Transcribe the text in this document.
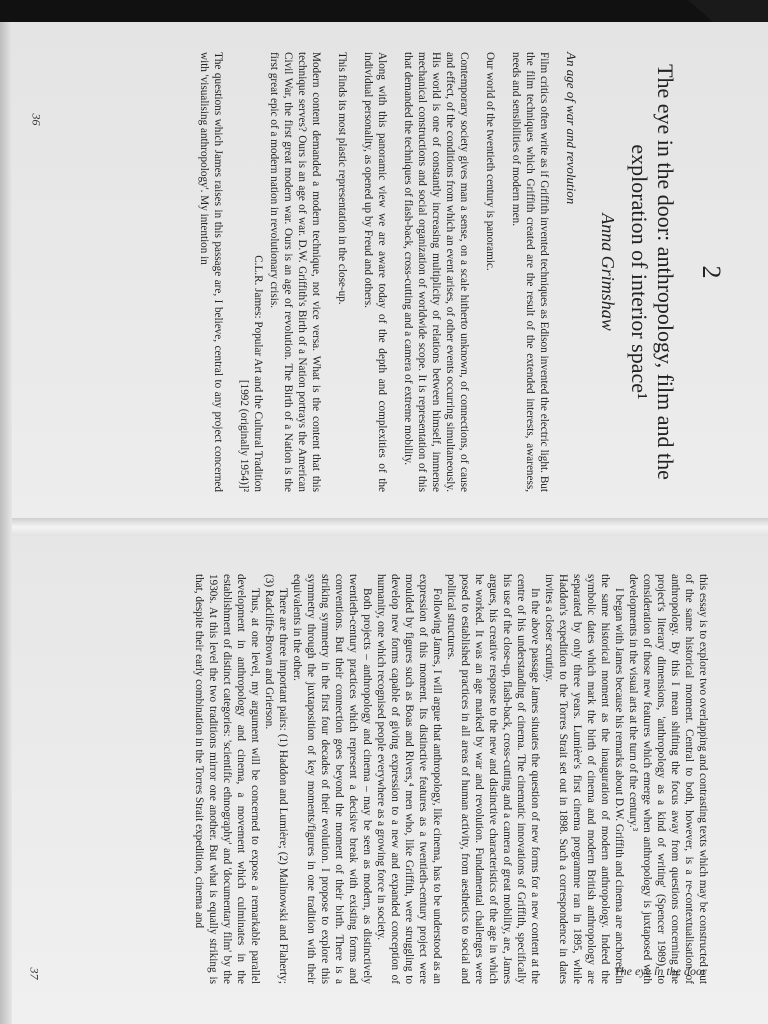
2
The eye in the door: anthropology, film and the exploration of interior space¹
Anna Grimshaw
An age of war and revolution

Film critics often write as if Griffith invented techniques as Edison invented the electric light. But the film techniques which Griffith created are the result of the extended interests, awareness, needs and sensibilities of modern men.

Our world of the twentieth century is panoramic.

Contemporary society gives man a sense, on a scale hitherto unknown, of connections, of cause and effect, of the conditions from which an event arises, of other events occurring simultaneously. His world is one of constantly increasing multiplicity of relations between himself, immense mechanical constructions and social organization of worldwide scope. It is representation of this that demanded the techniques of flash-back, cross-cutting and a camera of extreme mobility.

Along with this panoramic view we are aware today of the depth and complexities of the individual personality, as opened up by Freud and others.

This finds its most plastic representation in the close-up.

Modern content demanded a modern technique, not vice versa. What is the content that this technique serves? Ours is an age of war. D.W. Griffith's Birth of a Nation portrays the American Civil War, the first great modern war. Ours is an age of revolution. The Birth of a Nation is the first great epic of a modern nation in revolutionary crisis.

C.L.R. James: Popular Art and the Cultural Tradition
[1992 (originally 1954)]²

The questions which James raises in this passage are, I believe, central to any project concerned with 'visualising anthropology'. My intention in

36

this essay is to explore two overlapping and contrasting texts which may be constructed out of the same historical moment. Central to both, however, is a re-contextualisation of anthropology. By this I mean shifting the focus away from questions concerning the project's literary dimensions, 'anthropology as a kind of writing' (Spencer 1989), to consideration of those new features which emerge when anthropology is juxtaposed with developments in the visual arts at the turn of the century.³

I began with James because his remarks about D.W. Griffith and cinema are anchored in the same historical moment as the inauguration of modern anthropology. Indeed the symbolic dates which mark the birth of cinema and modern British anthropology are separated by only three years. Lumière's first cinema programme ran in 1895, while Haddon's expedition to the Torres Strait set out in 1898. Such a correspondence in dates invites a closer scrutiny.

In the above passage James situates the question of new forms for a new content at the centre of his understanding of cinema. The cinematic innovations of Griffith, specifically his use of the close-up, flash-back, cross-cutting and a camera of great mobility, are, James argues, his creative response to the new and distinctive characteristics of the age in which he worked. It was an age marked by war and revolution. Fundamental challenges were posed to established practices in all areas of human activity, from aesthetics to social and political structures.

Following James, I will argue that anthropology, like cinema, has to be understood as an expression of this moment. Its distinctive features as a twentieth-century project were moulded by figures such as Boas and Rivers,⁴ men who, like Griffith, were struggling to develop new forms capable of giving expression to a new and expanded conception of humanity, one which recognised people everywhere as a growing force in society.

Both projects – anthropology and cinema – may be seen as modern, as distinctively twentieth-century practices which represent a decisive break with existing forms and conventions. But their connection goes beyond the moment of their birth. There is a striking symmetry in the first four decades of their evolution. I propose to explore this symmetry through the juxtaposition of key moments/figures in one tradition with their equivalents in the other.

There are three important pairs: (1) Haddon and Lumière; (2) Malinowski and Flaherty; (3) Radcliffe-Brown and Grierson.

Thus, at one level, my argument will be concerned to expose a remarkable parallel development in anthropology and cinema, a movement which culminates in the establishment of distinct categories: 'scientific ethnography' and 'documentary film' by the 1930s. At this level the two traditions mirror one another. But what is equally striking is that, despite their early combination in the Torres Strait expedition, cinema and

The eye in the door
37
